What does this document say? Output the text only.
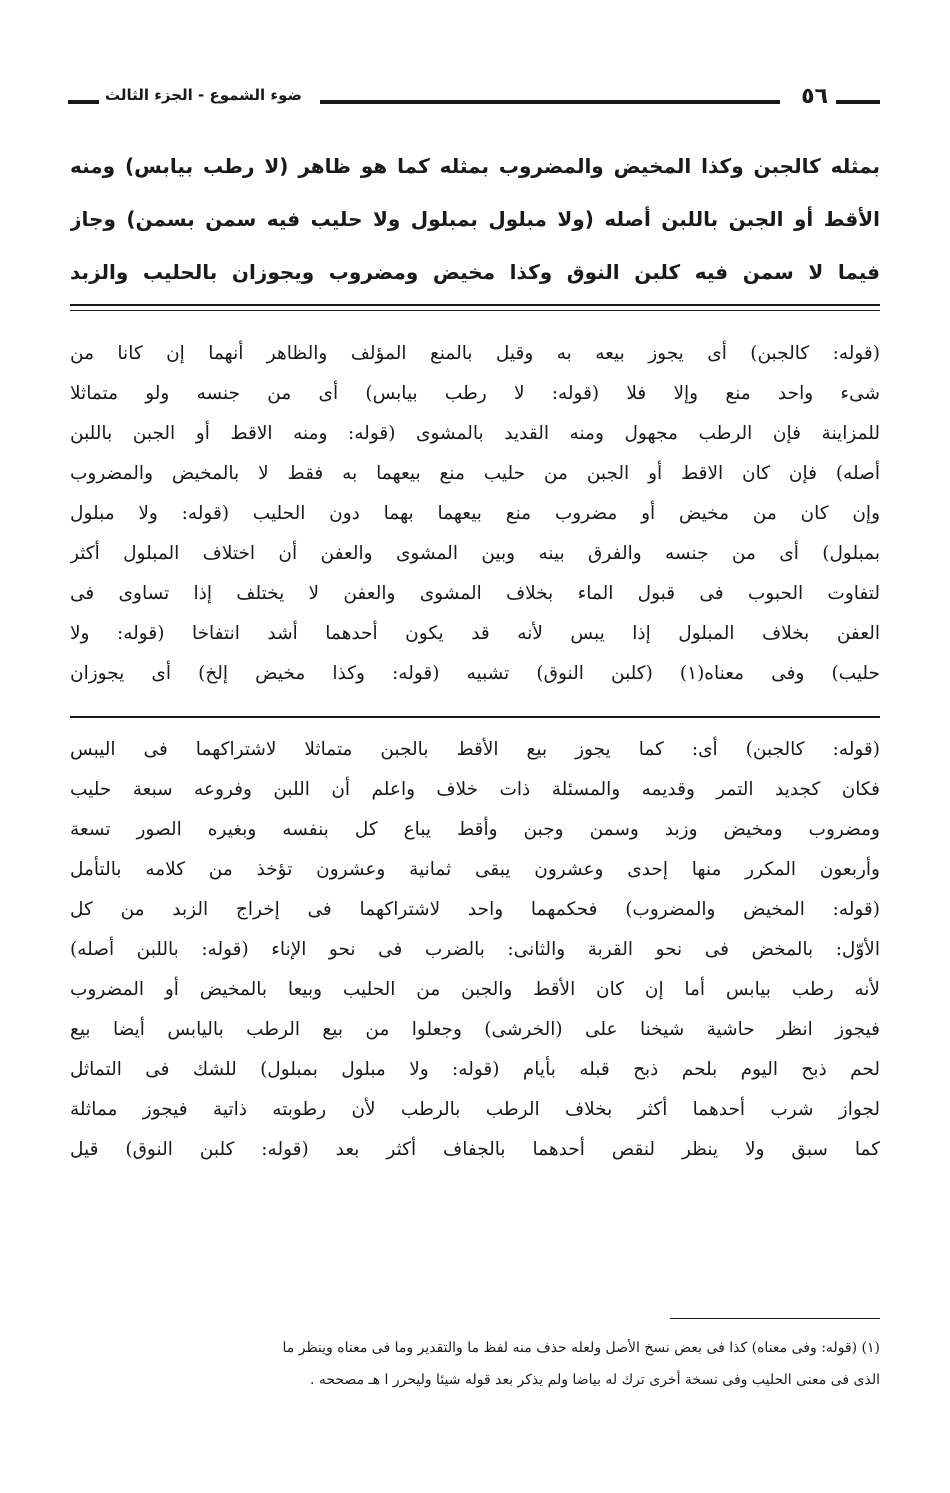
٥٦
ضوء الشموع - الجزء الثالث
بمثله كالجبن وكذا المخيض والمضروب بمثله كما هو ظاهر (لا رطب بيابس) ومنه
الأقط أو الجبن باللبن أصله (ولا مبلول بمبلول ولا حليب فيه سمن بسمن) وجاز
فيما لا سمن فيه كلبن النوق وكذا مخيض ومضروب ويجوزان بالحليب والزبد
(قوله: كالجبن) أى يجوز بيعه به وقيل بالمنع المؤلف والظاهر أنهما إن كانا من
شىء واحد منع وإلا فلا (قوله: لا رطب بيابس) أى من جنسه ولو متماثلا
للمزاينة فإن الرطب مجهول ومنه القديد بالمشوى (قوله: ومنه الاقط أو الجبن باللبن
أصله) فإن كان الاقط أو الجبن من حليب منع بيعهما به فقط لا بالمخيض والمضروب
وإن كان من مخيض أو مضروب منع بيعهما بهما دون الحليب (قوله: ولا مبلول
بمبلول) أى من جنسه والفرق بينه وبين المشوى والعفن أن اختلاف المبلول أكثر
لتفاوت الحبوب فى قبول الماء بخلاف المشوى والعفن لا يختلف إذا تساوى فى
العفن بخلاف المبلول إذا يبس لأنه قد يكون أحدهما أشد انتفاخا (قوله: ولا
حليب) وفى معناه(١) (كلبن النوق) تشبيه (قوله: وكذا مخيض إلخ) أى يجوزان
(قوله: كالجبن) أى: كما يجوز بيع الأقط بالجبن متماثلا لاشتراكهما فى اليبس
فكان كجديد التمر وقديمه والمسئلة ذات خلاف واعلم أن اللبن وفروعه سبعة حليب
ومضروب ومخيض وزبد وسمن وجبن وأقط يباع كل بنفسه وبغيره الصور تسعة
وأربعون المكرر منها إحدى وعشرون يبقى ثمانية وعشرون تؤخذ من كلامه بالتأمل
(قوله: المخيض والمضروب) فحكمهما واحد لاشتراكهما فى إخراج الزبد من كل
الأوّل: بالمخض فى نحو القربة والثانى: بالضرب فى نحو الإناء (قوله: باللبن أصله)
لأنه رطب بيابس أما إن كان الأقط والجبن من الحليب وبيعا بالمخيض أو المضروب
فيجوز انظر حاشية شيخنا على (الخرشى) وجعلوا من بيع الرطب باليابس أيضا بيع
لحم ذبح اليوم بلحم ذبح قبله بأيام (قوله: ولا مبلول بمبلول) للشك فى التماثل
لجواز شرب أحدهما أكثر بخلاف الرطب بالرطب لأن رطوبته ذاتية فيجوز مماثلة
كما سبق ولا ينظر لنقص أحدهما بالجفاف أكثر بعد (قوله: كلبن النوق) قيل
(١) (قوله: وفى معناه) كذا فى بعض نسخ الأصل ولعله حذف منه لفظ ما والتقدير وما فى معناه وينظر ما
الذى فى معنى الحليب وفى نسخة أخرى ترك له بياضا ولم يذكر بعد قوله شيئا وليحرر ا هـ مصححه .
